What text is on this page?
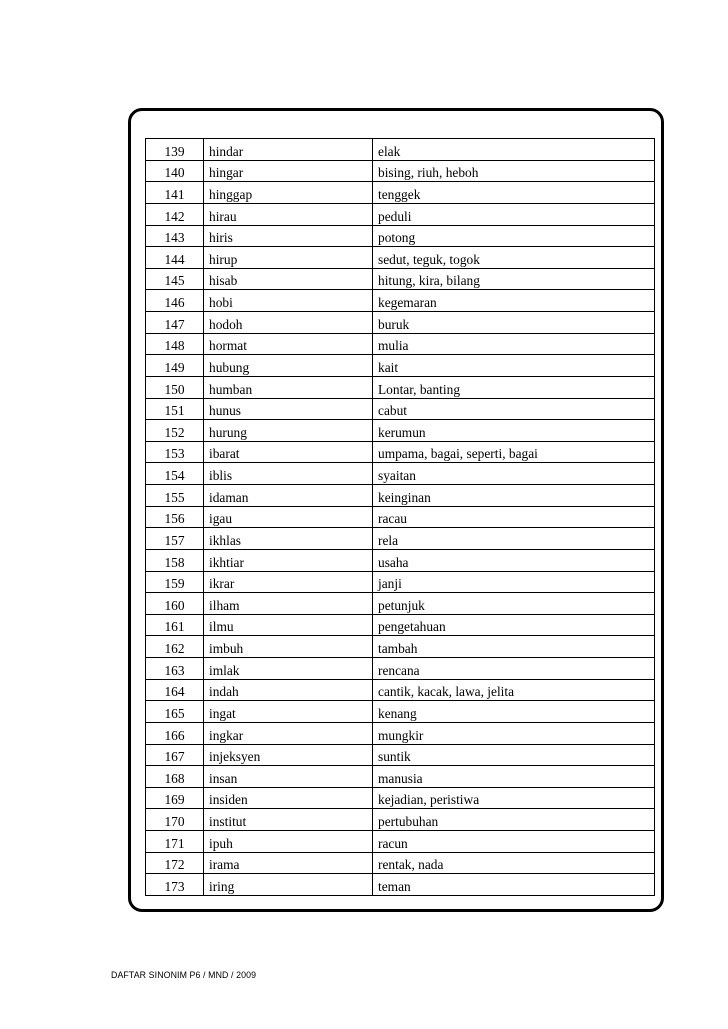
139	hindar	elak
140	hingar	bising, riuh, heboh
141	hinggap	tenggek
142	hirau	peduli
143	hiris	potong
144	hirup	sedut, teguk, togok
145	hisab	hitung, kira, bilang
146	hobi	kegemaran
147	hodoh	buruk
148	hormat	mulia
149	hubung	kait
150	humban	Lontar, banting
151	hunus	cabut
152	hurung	kerumun
153	ibarat	umpama, bagai, seperti, bagai
154	iblis	syaitan
155	idaman	keinginan
156	igau	racau
157	ikhlas	rela
158	ikhtiar	usaha
159	ikrar	janji
160	ilham	petunjuk
161	ilmu	pengetahuan
162	imbuh	tambah
163	imlak	rencana
164	indah	cantik, kacak, lawa, jelita
165	ingat	kenang
166	ingkar	mungkir
167	injeksyen	suntik
168	insan	manusia
169	insiden	kejadian, peristiwa
170	institut	pertubuhan
171	ipuh	racun
172	irama	rentak, nada
173	iring	teman
DAFTAR SINONIM P6 / MND / 2009
